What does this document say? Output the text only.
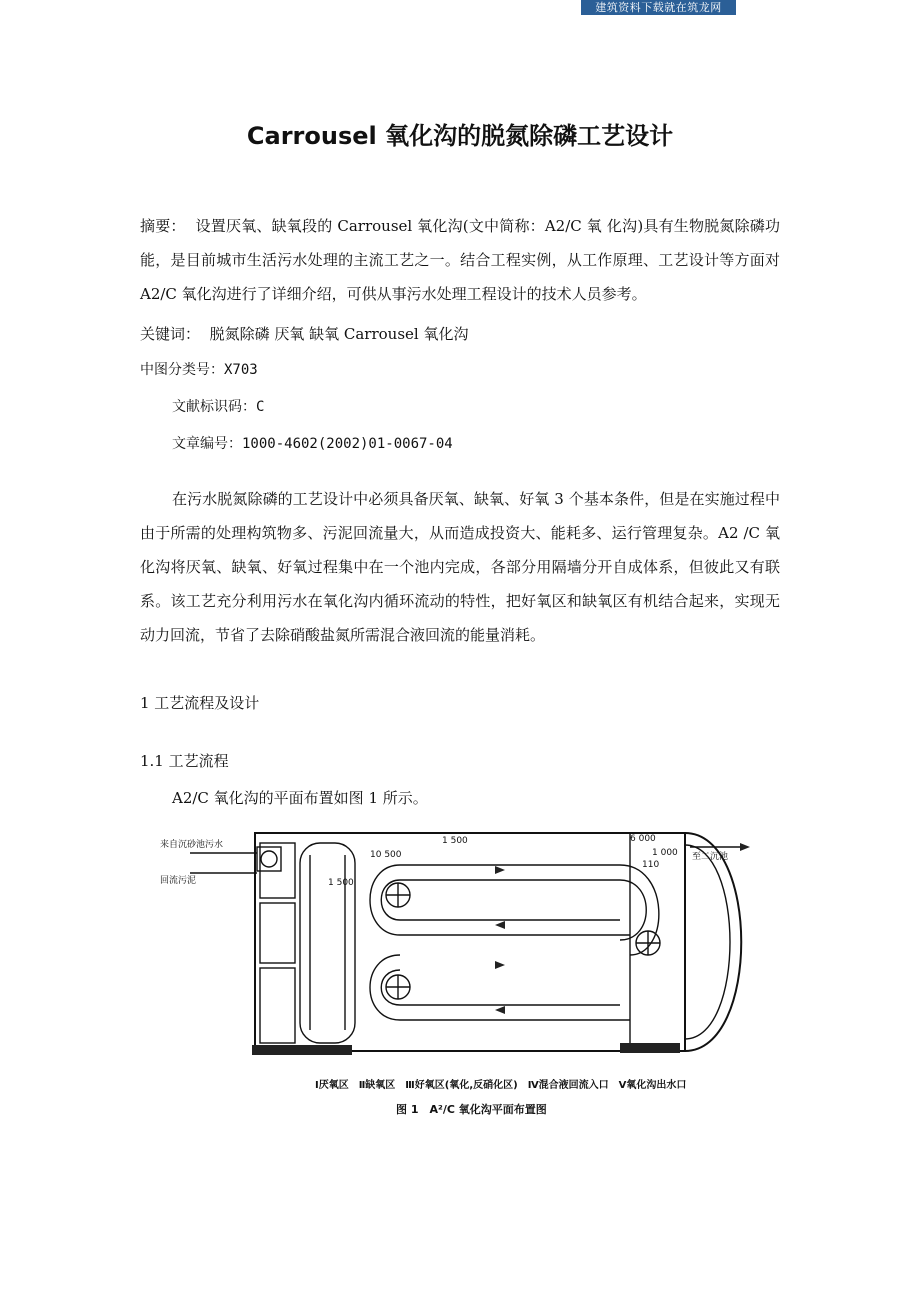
建筑资料下载就在筑龙网
Carrousel 氧化沟的脱氮除磷工艺设计

摘要： 设置厌氧、缺氧段的 Carrousel 氧化沟(文中简称：A2/C 氧 化沟)具有生物脱氮除磷功能，是目前城市生活污水处理的主流工艺之一。结合工程实例，从工作原理、工艺设计等方面对 A2/C 氧化沟进行了详细介绍，可供从事污水处理工程设计的技术人员参考。

关键词： 脱氮除磷 厌氧 缺氧 Carrousel 氧化沟
中图分类号：X703
文献标识码：C
文章编号：1000-4602(2002)01-0067-04

在污水脱氮除磷的工艺设计中必须具备厌氧、缺氧、好氧 3 个基本条件，但是在实施过程中由于所需的处理构筑物多、污泥回流量大，从而造成投资大、能耗多、运行管理复杂。A2 /C 氧化沟将厌氧、缺氧、好氧过程集中在一个池内完成，各部分用隔墙分开自成体系，但彼此又有联系。该工艺充分利用污水在氧化沟内循环流动的特性，把好氧区和缺氧区有机结合起来，实现无动力回流，节省了去除硝酸盐氮所需混合液回流的能量消耗。

1 工艺流程及设计
1.1 工艺流程
A2/C 氧化沟的平面布置如图 1 所示。
来自沉砂池污水
回流污泥
至二沉池
10 500
1 500
1 500	6 000
110
1 000
Ⅰ厌氧区　Ⅱ缺氧区　Ⅲ好氧区(氧化,反硝化区)　Ⅳ混合液回流入口　Ⅴ氧化沟出水口
图 1　A²/C 氧化沟平面布置图
